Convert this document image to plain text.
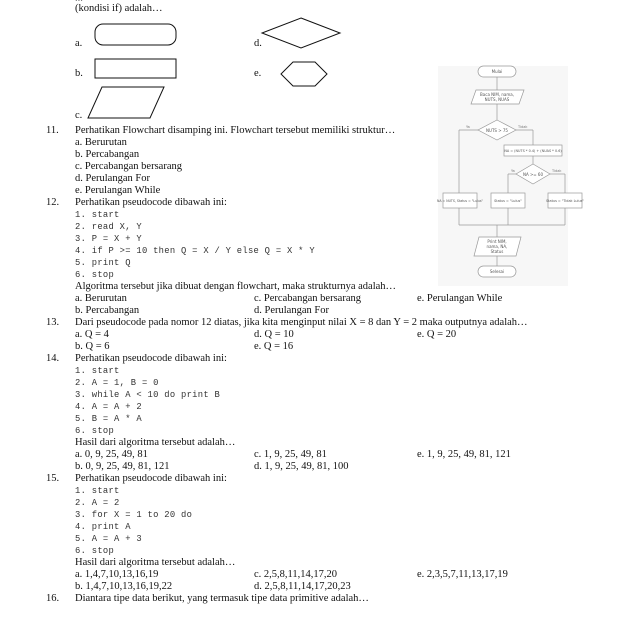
(kondisi if) adalah…
a.
b.
c.
d.
e.	Mulai
Baca NIM, nama,
NUTS, NUAS
NUTS > 75
Ya	Tidak
NA = (NUTS * 0.4) + (NUAS * 0.6)
NA >= 60
Ya	Tidak
NA = NUTS, Status = "Lulus"	Status = "Lulus"	Status = "Tidak Lulus"
Print NIM,
nama, NA,
Status
Selesai
11. Perhatikan Flowchart disamping ini. Flowchart tersebut memiliki struktur…
a. Berurutan
b. Percabangan
c. Percabangan bersarang
d. Perulangan For
e. Perulangan While
12. Perhatikan pseudocode dibawah ini:
1. start
2. read X, Y
3. P = X + Y
4. if P >= 10 then Q = X / Y else Q = X * Y
5. print Q
6. stop
Algoritma tersebut jika dibuat dengan flowchart, maka strukturnya adalah…
a. Berurutan	c. Percabangan bersarang	e. Perulangan While
b. Percabangan	d. Perulangan For
13. Dari pseudocode pada nomor 12 diatas, jika kita menginput nilai X = 8 dan Y = 2 maka outputnya adalah…
a. Q = 4	d. Q = 10	e. Q = 20
b. Q = 6	e. Q = 16
14. Perhatikan pseudocode dibawah ini:
1. start
2. A = 1, B = 0
3. while A < 10 do print B
4. A = A + 2
5. B = A * A
6. stop
Hasil dari algoritma tersebut adalah…
a. 0, 9, 25, 49, 81	c. 1, 9, 25, 49, 81	e. 1, 9, 25, 49, 81, 121
b. 0, 9, 25, 49, 81, 121	d. 1, 9, 25, 49, 81, 100
15. Perhatikan pseudocode dibawah ini:
1. start
2. A = 2
3. for X = 1 to 20 do
4. print A
5. A = A + 3
6. stop
Hasil dari algoritma tersebut adalah…
a. 1,4,7,10,13,16,19	c. 2,5,8,11,14,17,20	e. 2,3,5,7,11,13,17,19
b. 1,4,7,10,13,16,19,22	d. 2,5,8,11,14,17,20,23
16. Diantara tipe data berikut, yang termasuk tipe data primitive adalah…
